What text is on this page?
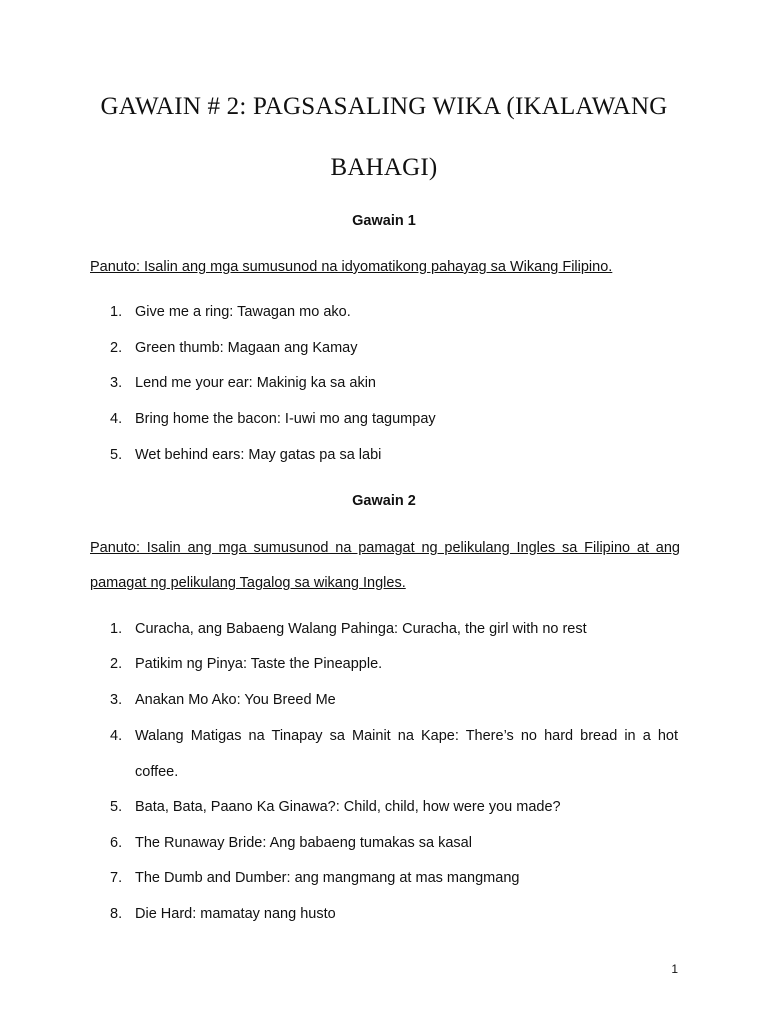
GAWAIN # 2: PAGSASALING WIKA (IKALAWANG
BAHAGI)
Gawain 1
Panuto: Isalin ang mga sumusunod na idyomatikong pahayag sa Wikang Filipino.
1. Give me a ring: Tawagan mo ako.
2. Green thumb: Magaan ang Kamay
3. Lend me your ear: Makinig ka sa akin
4. Bring home the bacon: I-uwi mo ang tagumpay
5. Wet behind ears: May gatas pa sa labi
Gawain 2
Panuto: Isalin ang mga sumusunod na pamagat ng pelikulang Ingles sa Filipino at ang
pamagat ng pelikulang Tagalog sa wikang Ingles.
1. Curacha, ang Babaeng Walang Pahinga: Curacha, the girl with no rest
2. Patikim ng Pinya: Taste the Pineapple.
3. Anakan Mo Ako: You Breed Me
4. Walang Matigas na Tinapay sa Mainit na Kape: There’s no hard bread in a hot
coffee.
5. Bata, Bata, Paano Ka Ginawa?: Child, child, how were you made?
6. The Runaway Bride: Ang babaeng tumakas sa kasal
7. The Dumb and Dumber: ang mangmang at mas mangmang
8. Die Hard: mamatay nang husto
1
